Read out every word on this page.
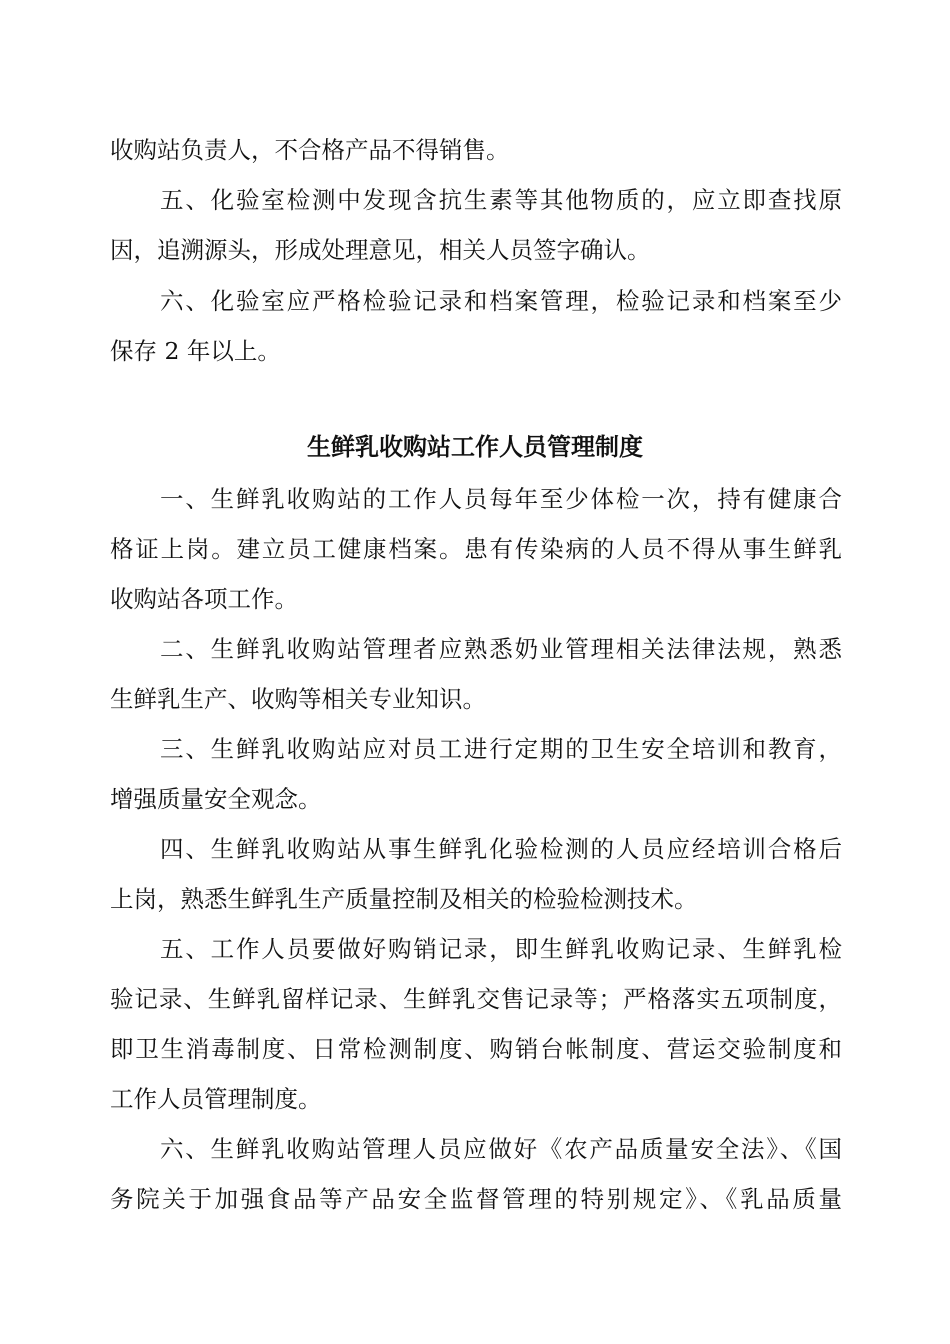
收购站负责人，不合格产品不得销售。
五、化验室检测中发现含抗生素等其他物质的，应立即查找原
因，追溯源头，形成处理意见，相关人员签字确认。
六、化验室应严格检验记录和档案管理，检验记录和档案至少
保存 2 年以上。
生鲜乳收购站工作人员管理制度
一、生鲜乳收购站的工作人员每年至少体检一次，持有健康合
格证上岗。建立员工健康档案。患有传染病的人员不得从事生鲜乳
收购站各项工作。
二、生鲜乳收购站管理者应熟悉奶业管理相关法律法规，熟悉
生鲜乳生产、收购等相关专业知识。
三、生鲜乳收购站应对员工进行定期的卫生安全培训和教育，
增强质量安全观念。
四、生鲜乳收购站从事生鲜乳化验检测的人员应经培训合格后
上岗，熟悉生鲜乳生产质量控制及相关的检验检测技术。
五、工作人员要做好购销记录，即生鲜乳收购记录、生鲜乳检
验记录、生鲜乳留样记录、生鲜乳交售记录等；严格落实五项制度，
即卫生消毒制度、日常检测制度、购销台帐制度、营运交验制度和
工作人员管理制度。
六、生鲜乳收购站管理人员应做好《农产品质量安全法》、《国
务院关于加强食品等产品安全监督管理的特别规定》、《乳品质量
